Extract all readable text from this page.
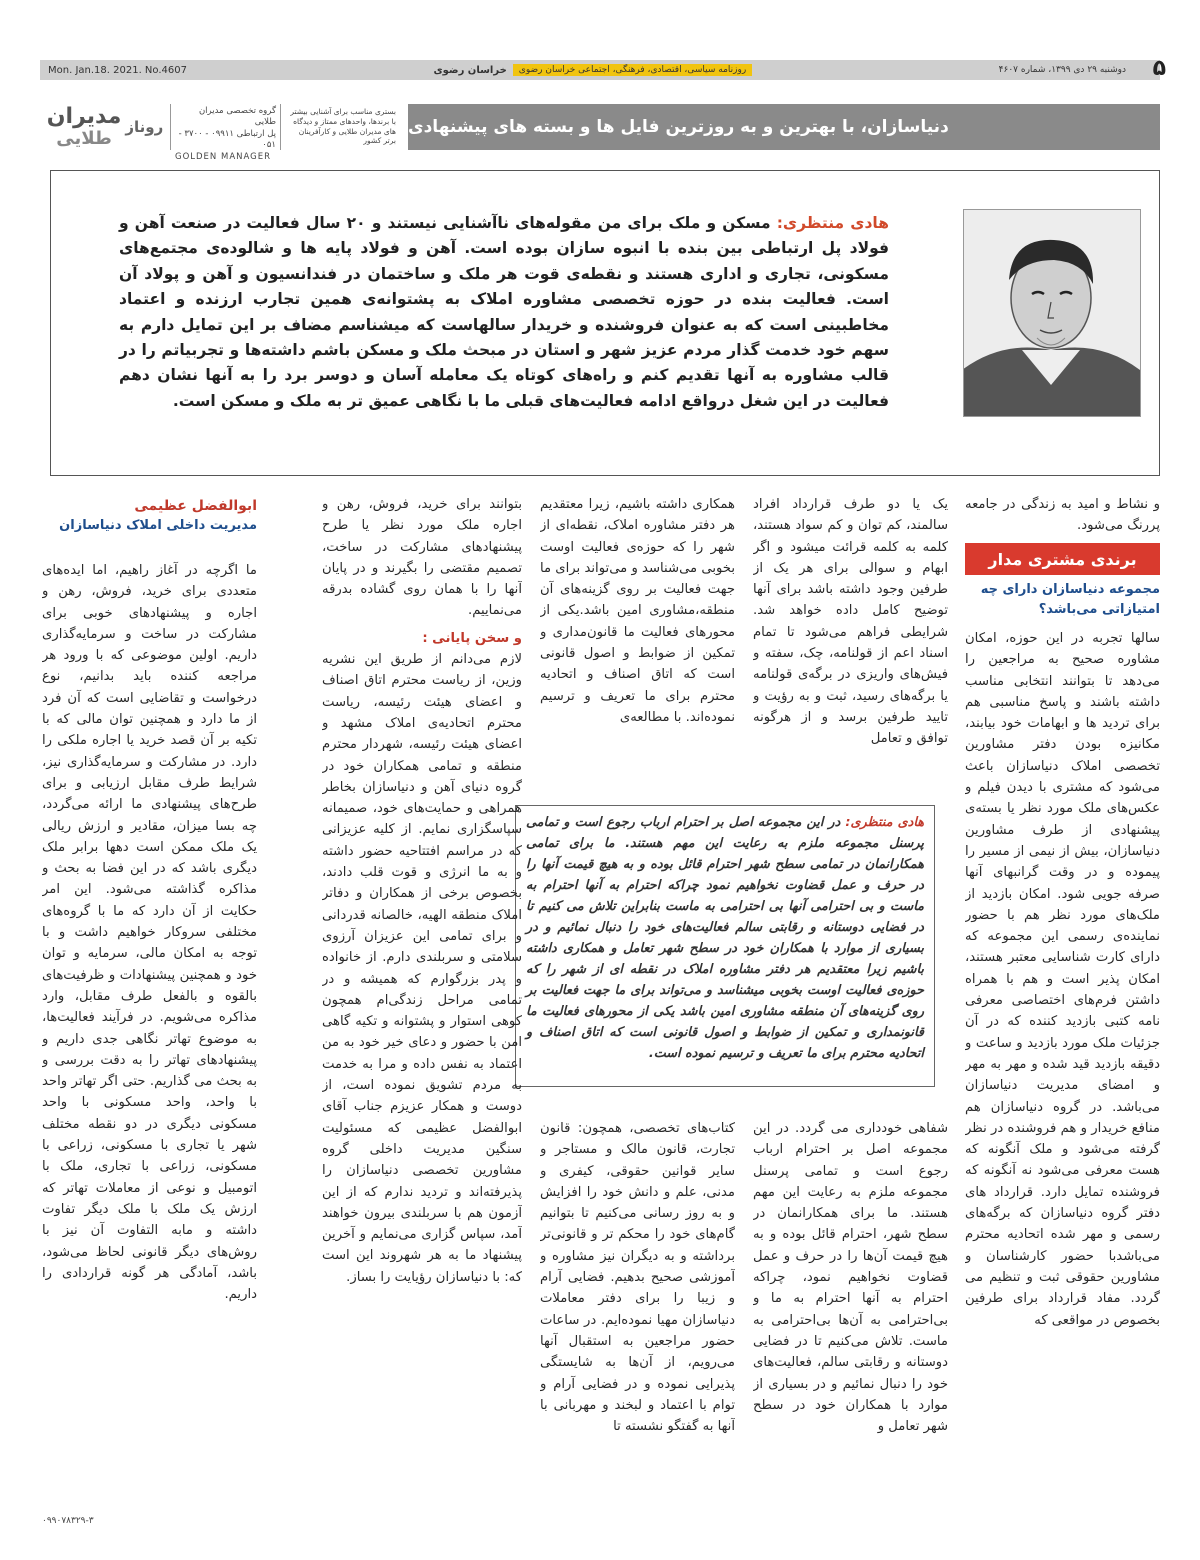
Mon. Jan.18. 2021. No.4607	روزنامه سیاسی، اقتصادی، فرهنگی، اجتماعی خراسان رضوی
خراسان رضوی	دوشنبه ۲۹ دی ۱۳۹۹، شماره ۴۶۰۷ ۵
مدیران
طلایی
روناز
گروه تخصصی مدیران طلایی
پل ارتباطی ۰۹۹۱۱ - ۳۷۰۰ - ۰۵۱
GOLDEN MANAGER
بستری مناسب برای آشنایی بیشتر با برندها، واحدهای ممتاز و دیدگاه های مدیران طلایی و کارآفرینان برتر کشور
دنیاسازان، با بهترین و به روزترین فایل ها و بسته های پیشنهادی
هادی منتظری: مسکن و ملک برای من مقوله‌های ناآشنایی نیستند و ۲۰ سال فعالیت در صنعت آهن و فولاد پل ارتباطی بین بنده با انبوه سازان بوده است. آهن و فولاد پایه ها و شالوده‌ی مجتمع‌های مسکونی، تجاری و اداری هستند و نقطه‌ی قوت هر ملک و ساختمان در فندانسیون و آهن و پولاد آن است. فعالیت بنده در حوزه تخصصی مشاوره املاک به پشتوانه‌ی همین تجارب ارزنده و اعتماد مخاطبینی است که به عنوان فروشنده و خریدار سالهاست که میشناسم مضاف بر این تمایل دارم به سهم خود خدمت گذار مردم عزیز شهر و استان در مبحث ملک و مسکن باشم داشته‌ها و تجربیاتم را در قالب مشاوره به آنها تقدیم کنم و راه‌های کوتاه یک معامله آسان و دوسر برد را به آنها نشان دهم فعالیت در این شغل درواقع ادامه فعالیت‌های قبلی ما با نگاهی عمیق تر به ملک و مسکن است.

و نشاط و امید به زندگی در جامعه پررنگ می‌شود.

برندی مشتری مدار
مجموعه دنیاسازان دارای چه امتیازاتی می‌باشد؟

سالها تجربه در این حوزه، امکان مشاوره صحیح به مراجعین را می‌دهد تا بتوانند انتخابی مناسب داشته باشند و پاسخ مناسبی هم برای تردید ها و ابهامات خود بیابند، مکانیزه بودن دفتر مشاورین تخصصی املاک دنیاسازان باعث می‌شود که مشتری با دیدن فیلم و عکس‌های ملک مورد نظر یا بسته‌ی پیشنهادی از طرف مشاورین دنیاسازان، بیش از نیمی از مسیر را پیموده و در وقت گرانبهای آنها صرفه جویی شود. امکان بازدید از ملک‌های مورد نظر هم با حضور نماینده‌ی رسمی این مجموعه که دارای کارت شناسایی معتبر هستند، امکان پذیر است و هم با همراه داشتن فرم‌های اختصاصی معرفی نامه کتبی بازدید کننده که در آن جزئیات ملک مورد بازدید و ساعت و دقیقه بازدید قید شده و مهر به مهر و امضای مدیریت دنیاسازان می‌باشد. در گروه دنیاسازان هم منافع خریدار و هم فروشنده در نظر گرفته می‌شود و ملک آنگونه که هست معرفی می‌شود نه آنگونه که فروشنده تمایل دارد. قرارداد های دفتر گروه دنیاسازان که برگه‌های رسمی و مهر شده اتحادیه محترم می‌باشدبا حضور کارشناسان و مشاورین حقوقی ثبت و تنظیم می گردد. مفاد قرارداد برای طرفین بخصوص در مواقعی که

یک یا دو طرف قرارداد افراد سالمند، کم توان و کم سواد هستند، کلمه به کلمه قرائت میشود و اگر ابهام و سوالی برای هر یک از طرفین وجود داشته باشد برای آنها توضیح کامل داده خواهد شد. شرایطی فراهم می‌شود تا تمام اسناد اعم از قولنامه، چک، سفته و فیش‌های واریزی در برگه‌ی قولنامه یا برگه‌های رسید، ثبت و به رؤیت و تایید طرفین برسد و از هرگونه توافق و تعامل

همکاری داشته باشیم، زیرا معتقدیم هر دفتر مشاوره املاک، نقطه‌ای از شهر را که حوزه‌ی فعالیت اوست بخوبی می‌شناسد و می‌تواند برای ما جهت فعالیت بر روی گزینه‌های آن منطقه،مشاوری امین باشد.یکی از محورهای فعالیت ما قانون‌مداری و تمکین از ضوابط و اصول قانونی است که اتاق اصناف و اتحادیه محترم برای ما تعریف و ترسیم نموده‌اند. با مطالعه‌ی

هادی منتظری: در این مجموعه اصل بر احترام ارباب رجوع است و تمامی پرسنل مجموعه ملزم به رعایت این مهم هستند. ما برای تمامی همکارانمان در تمامی سطح شهر احترام قائل بوده و به هیچ قیمت آنها را در حرف و عمل قضاوت نخواهیم نمود چراکه احترام به آنها احترام به ماست و بی احترامی آنها بی احترامی به ماست بنابراین تلاش می کنیم تا در فضایی دوستانه و رقابتی سالم فعالیت‌های خود را دنبال نمائیم و در بسیاری از موارد با همکاران خود در سطح شهر تعامل و همکاری داشته باشیم زیرا معتقدیم هر دفتر مشاوره املاک در نقطه ای از شهر را که حوزه‌ی فعالیت اوست بخوبی میشناسد و می‌تواند برای ما جهت فعالیت بر روی گزینه‌های آن منطقه مشاوری امین باشد یکی از محورهای فعالیت ما قانونمداری و تمکین از ضوابط و اصول قانونی است که اتاق اصناف و اتحادیه محترم برای ما تعریف و ترسیم نموده است.

شفاهی خودداری می گردد. در این مجموعه اصل بر احترام ارباب رجوع است و تمامی پرسنل مجموعه ملزم به رعایت این مهم هستند. ما برای همکارانمان در سطح شهر، احترام قائل بوده و به هیچ قیمت آن‌ها را در حرف و عمل قضاوت نخواهیم نمود، چراکه احترام به آنها احترام به ما و بی‌احترامی به آن‌ها بی‌احترامی به ماست. تلاش می‌کنیم تا در فضایی دوستانه و رقابتی سالم، فعالیت‌های خود را دنبال نمائیم و در بسیاری از موارد با همکاران خود در سطح شهر تعامل و

کتاب‌های تخصصی، همچون: قانون تجارت، قانون مالک و مستاجر و سایر قوانین حقوقی، کیفری و مدنی، علم و دانش خود را افزایش و به روز رسانی می‌کنیم تا بتوانیم گام‌های خود را محکم تر و قانونی‌تر برداشته و به دیگران نیز مشاوره و آموزشی صحیح بدهیم. فضایی آرام و زیبا را برای دفتر معاملات دنیاسازان مهیا نموده‌ایم. در ساعات حضور مراجعین به استقبال آنها می‌رویم، از آن‌ها به شایستگی پذیرایی نموده و در فضایی آرام و توام با اعتماد و لبخند و مهربانی با آنها به گفتگو نشسته تا

بتوانند برای خرید، فروش، رهن و اجاره ملک مورد نظر یا طرح پیشنهادهای مشارکت در ساخت، تصمیم مقتضی را بگیرند و در پایان آنها را با همان روی گشاده بدرقه می‌نماییم.

و سخن پایانی :

لازم می‌دانم از طریق این نشریه وزین، از ریاست محترم اتاق اصناف و اعضای هیئت رئیسه، ریاست محترم اتحادیه‌ی املاک مشهد و اعضای هیئت رئیسه، شهردار محترم منطقه و تمامی همکاران خود در گروه دنیای آهن و دنیاسازان بخاطر همراهی و حمایت‌های خود، صمیمانه سپاسگزاری نمایم. از کلیه عزیزانی که در مراسم افتتاحیه حضور داشته و به ما انرژی و قوت قلب دادند، بخصوص برخی از همکاران و دفاتر املاک منطقه الهیه، خالصانه قدردانی و برای تمامی این عزیزان آرزوی سلامتی و سربلندی دارم. از خانواده و پدر بزرگوارم که همیشه و در تمامی مراحل زندگی‌ام همچون کوهی استوار و پشتوانه و تکیه گاهی امن با حضور و دعای خیر خود به من اعتماد به نفس داده و مرا به خدمت به مردم تشویق نموده است، از دوست و همکار عزیزم جناب آقای ابوالفضل عظیمی که مسئولیت سنگین مدیریت داخلی گروه مشاورین تخصصی دنیاسازان را پذیرفته‌اند و تردید ندارم که از این آزمون هم با سربلندی بیرون خواهند آمد، سپاس گزاری می‌نمایم و آخرین پیشنهاد ما به هر شهروند این است که: با دنیاسازان رؤیایت را بساز.

ابوالفضل عظیمی
مدیریت داخلی املاک دنیاسازان

ما اگرچه در آغاز راهیم، اما ایده‌های متعددی برای خرید، فروش، رهن و اجاره و پیشنهادهای خوبی برای مشارکت در ساخت و سرمایه‌گذاری داریم. اولین موضوعی که با ورود هر مراجعه کننده باید بدانیم، نوع درخواست و تقاضایی است که آن فرد از ما دارد و همچنین توان مالی که با تکیه بر آن قصد خرید یا اجاره ملکی را دارد. در مشارکت و سرمایه‌گذاری نیز، شرایط طرف مقابل ارزیابی و برای طرح‌های پیشنهادی ما ارائه می‌گردد، چه بسا میزان، مقادیر و ارزش ریالی یک ملک ممکن است دهها برابر ملک دیگری باشد که در این فضا به بحث و مذاکره گذاشته می‌شود. این امر حکایت از آن دارد که ما با گروه‌های مختلفی سروکار خواهیم داشت و با توجه به امکان مالی، سرمایه و توان خود و همچنین پیشنهادات و ظرفیت‌های بالقوه و بالفعل طرف مقابل، وارد مذاکره می‌شویم. در فرآیند فعالیت‌ها، به موضوع تهاتر نگاهی جدی داریم و پیشنهادهای تهاتر را به دقت بررسی و به بحث می گذاریم. حتی اگر تهاتر واحد با واحد، واحد مسکونی با واحد مسکونی دیگری در دو نقطه مختلف شهر یا تجاری با مسکونی، زراعی با مسکونی، زراعی با تجاری، ملک با اتومبیل و نوعی از معاملات تهاتر که ارزش یک ملک با ملک دیگر تفاوت داشته و مابه التفاوت آن نیز با روش‌های دیگر قانونی لحاظ می‌شود، باشد، آمادگی هر گونه قراردادی را داریم.

۰۹۹۰۷۸۳۲۹-۳
